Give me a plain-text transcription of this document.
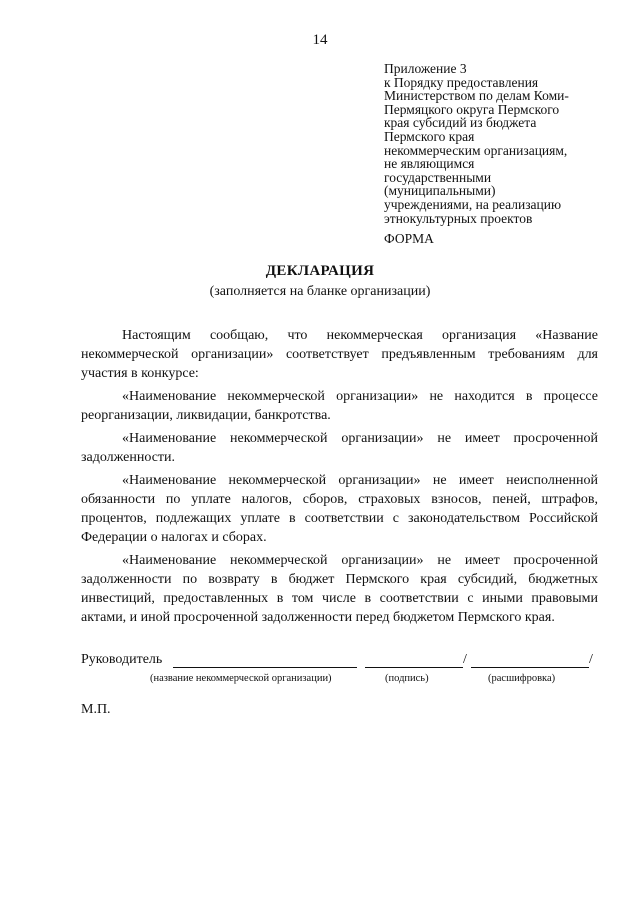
14
Приложение 3
к Порядку предоставления
Министерством по делам Коми-
Пермяцкого округа Пермского
края субсидий из бюджета
Пермского края
некоммерческим организациям,
не являющимся
государственными
(муниципальными)
учреждениями, на реализацию
этнокультурных проектов
ФОРМА
ДЕКЛАРАЦИЯ
(заполняется на бланке организации)

Настоящим сообщаю, что некоммерческая организация «Название некоммерческой организации» соответствует предъявленным требованиям для участия в конкурсе:

«Наименование некоммерческой организации» не находится в процессе реорганизации, ликвидации, банкротства.

«Наименование некоммерческой организации» не имеет просроченной задолженности.

«Наименование некоммерческой организации» не имеет неисполненной обязанности по уплате налогов, сборов, страховых взносов, пеней, штрафов, процентов, подлежащих уплате в соответствии с законодательством Российской Федерации о налогах и сборах.

«Наименование некоммерческой организации» не имеет просроченной задолженности по возврату в бюджет Пермского края субсидий, бюджетных инвестиций, предоставленных в том числе в соответствии с иными правовыми актами, и иной просроченной задолженности перед бюджетом Пермского края.

Руководитель	/	/
(название некоммерческой организации)	(подпись)	(расшифровка)
М.П.
